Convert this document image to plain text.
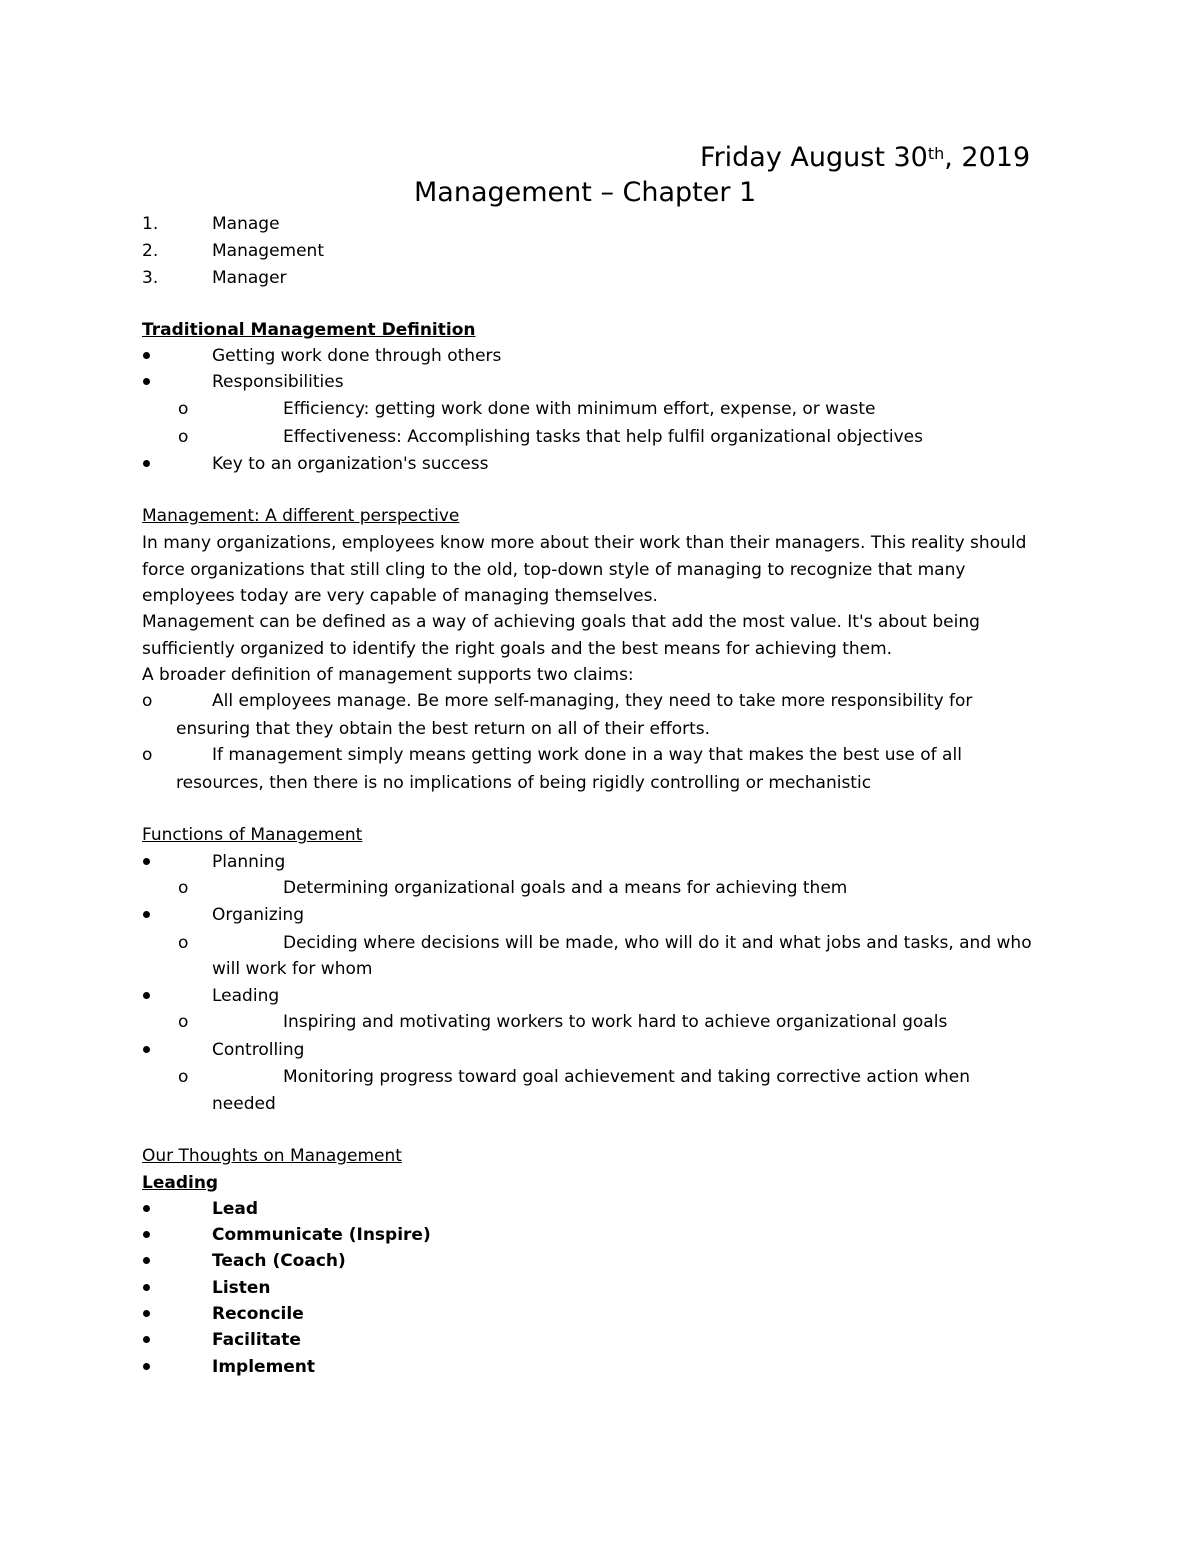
Friday August 30th, 2019
Management – Chapter 1
1.	Manage
2.	Management
3.	Manager
Traditional Management Definition
Getting work done through others
Responsibilities
o	Efficiency: getting work done with minimum effort, expense, or waste
o	Effectiveness: Accomplishing tasks that help fulfil organizational objectives
Key to an organization's success
Management: A different perspective
In many organizations, employees know more about their work than their managers. This reality should
force organizations that still cling to the old, top-down style of managing to recognize that many
employees today are very capable of managing themselves.
Management can be defined as a way of achieving goals that add the most value. It's about being
sufficiently organized to identify the right goals and the best means for achieving them.
A broader definition of management supports two claims:
o	All employees manage. Be more self-managing, they need to take more responsibility for
ensuring that they obtain the best return on all of their efforts.
o	If management simply means getting work done in a way that makes the best use of all
resources, then there is no implications of being rigidly controlling or mechanistic
Functions of Management
Planning
o	Determining organizational goals and a means for achieving them
Organizing
o	Deciding where decisions will be made, who will do it and what jobs and tasks, and who
will work for whom
Leading
o	Inspiring and motivating workers to work hard to achieve organizational goals
Controlling
o	Monitoring progress toward goal achievement and taking corrective action when
needed
Our Thoughts on Management
Leading
Lead
Communicate (Inspire)
Teach (Coach)
Listen
Reconcile
Facilitate
Implement
